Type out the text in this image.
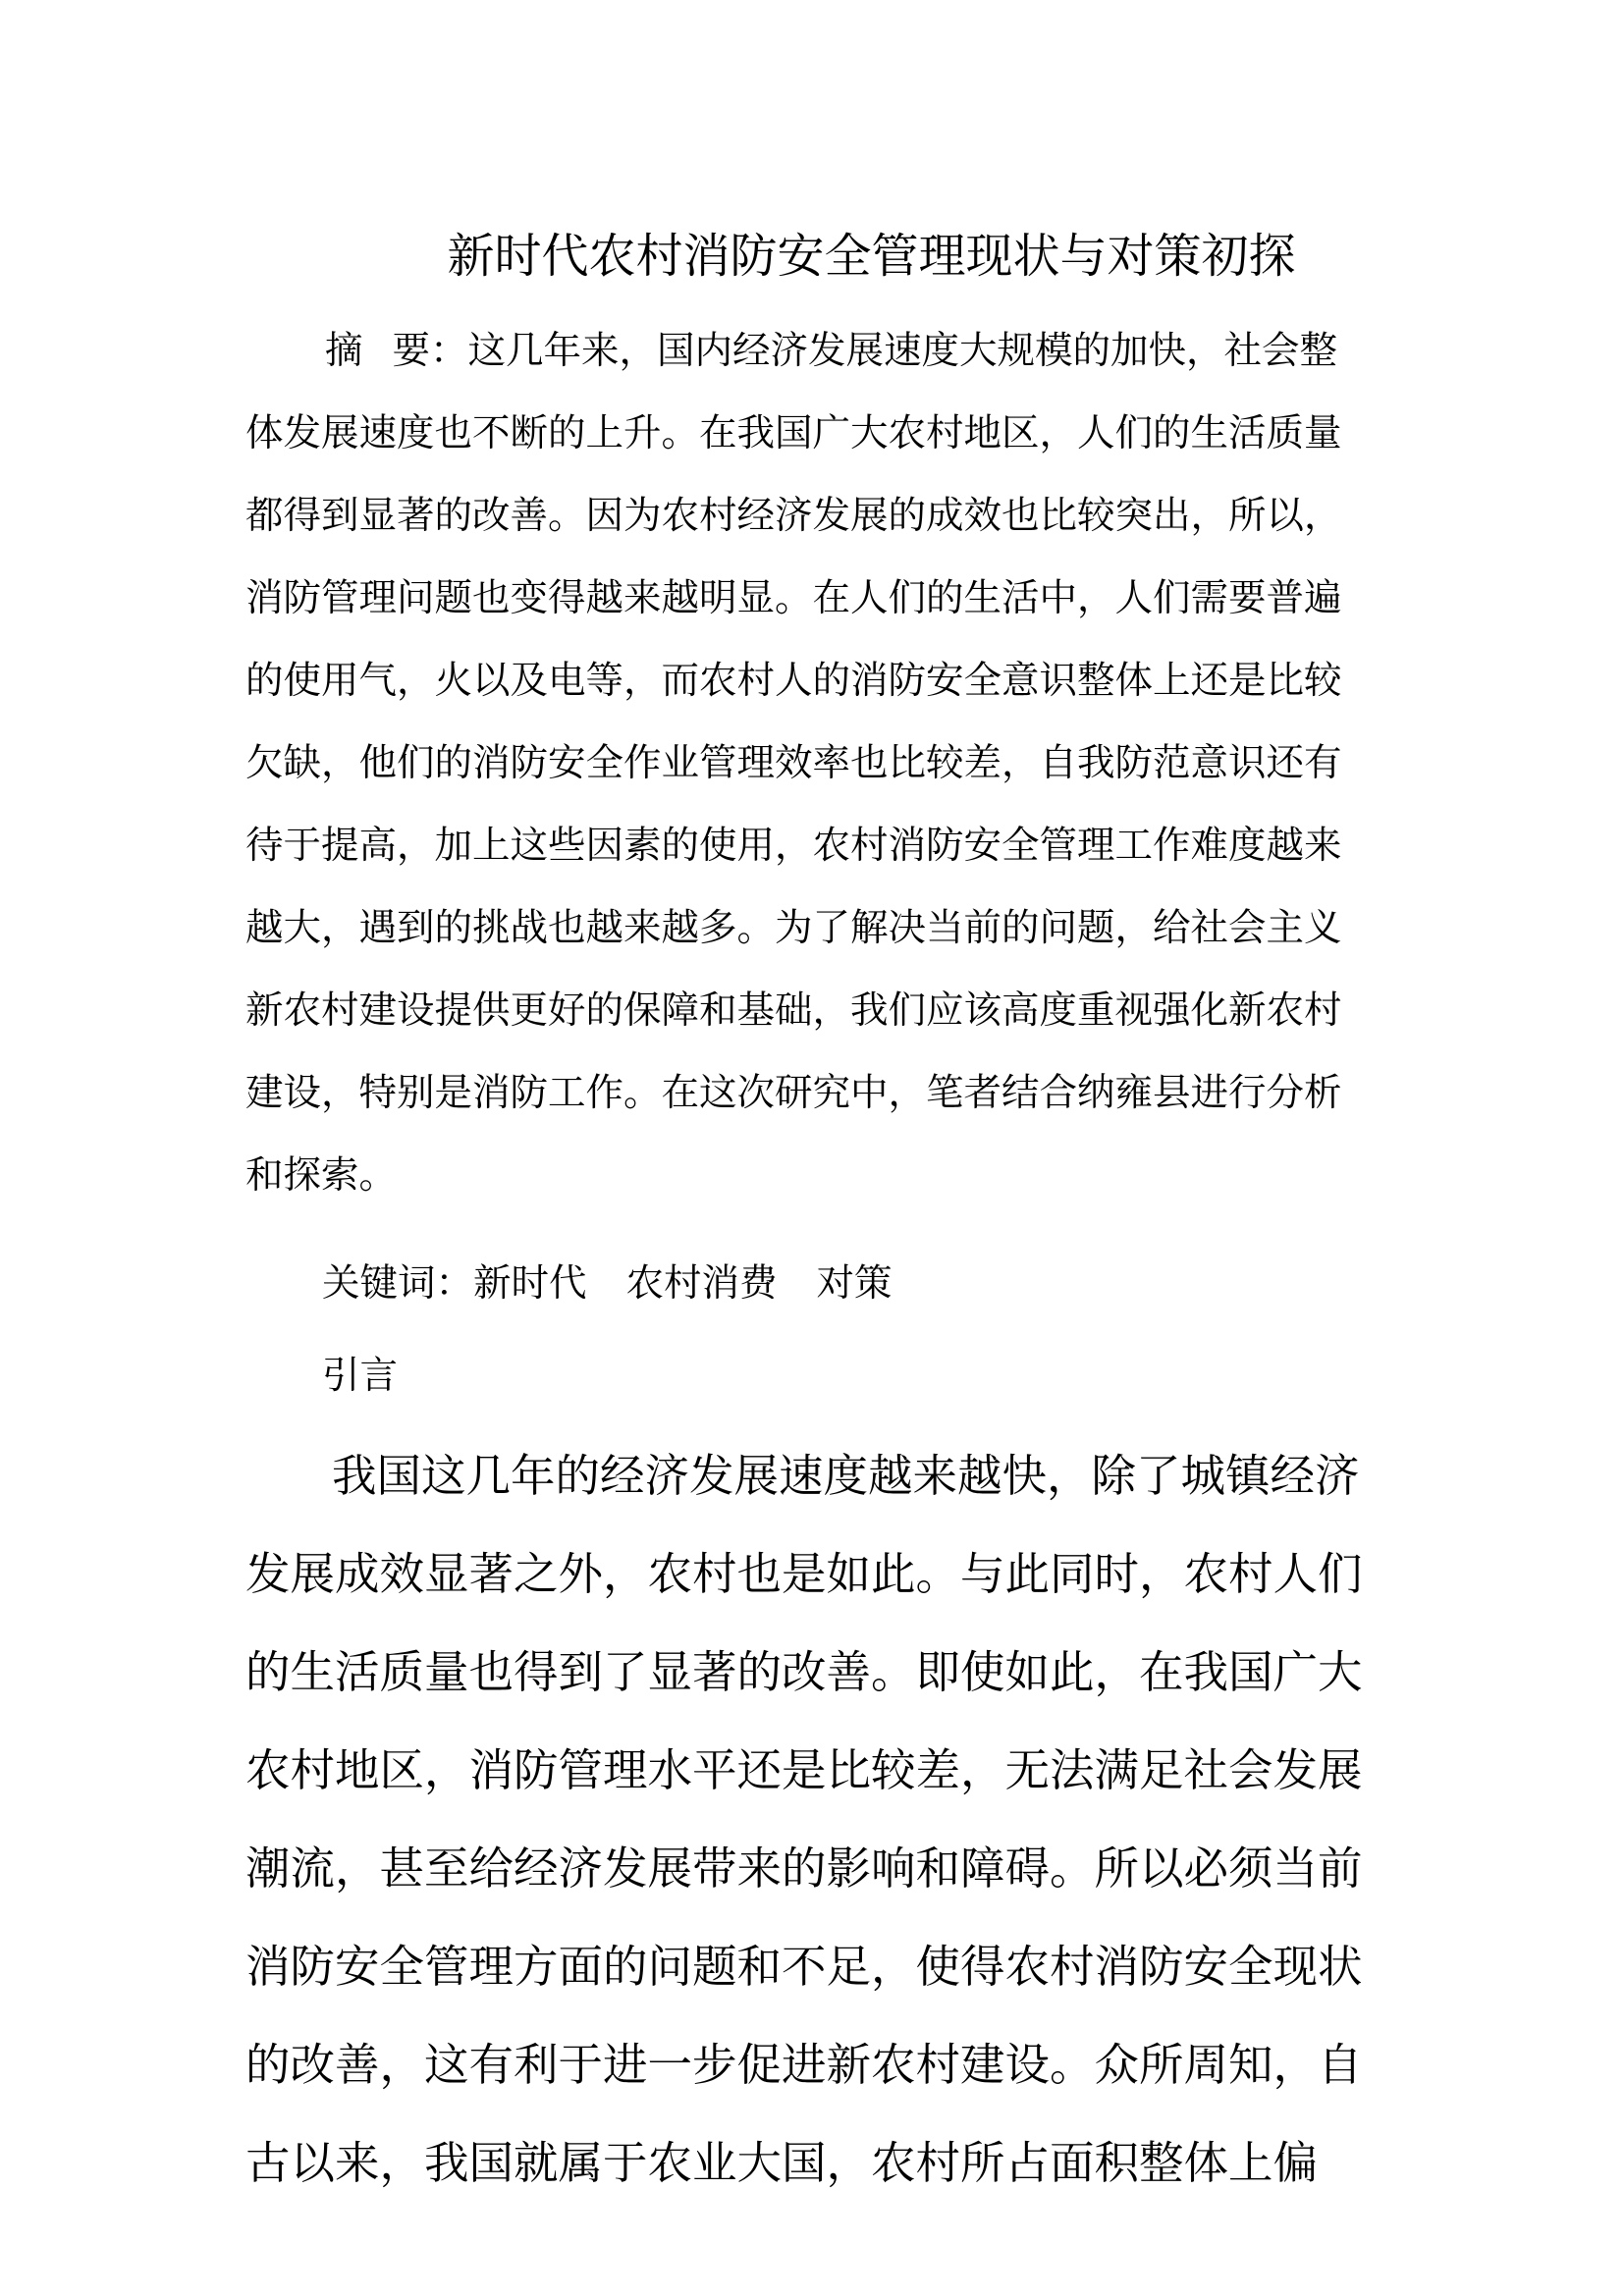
新时代农村消防安全管理现状与对策初探

摘 要：这几年来，国内经济发展速度大规模的加快，社会整

体发展速度也不断的上升。在我国广大农村地区，人们的生活质量

都得到显著的改善。因为农村经济发展的成效也比较突出，所以，

消防管理问题也变得越来越明显。在人们的生活中，人们需要普遍

的使用气，火以及电等，而农村人的消防安全意识整体上还是比较

欠缺，他们的消防安全作业管理效率也比较差，自我防范意识还有

待于提高，加上这些因素的使用，农村消防安全管理工作难度越来

越大，遇到的挑战也越来越多。为了解决当前的问题，给社会主义

新农村建设提供更好的保障和基础，我们应该高度重视强化新农村

建设，特别是消防工作。在这次研究中，笔者结合纳雍县进行分析

和探索。

关键词：新时代 农村消费 对策

引言

我国这几年的经济发展速度越来越快，除了城镇经济

发展成效显著之外，农村也是如此。与此同时，农村人们

的生活质量也得到了显著的改善。即使如此，在我国广大

农村地区，消防管理水平还是比较差，无法满足社会发展

潮流，甚至给经济发展带来的影响和障碍。所以必须当前

消防安全管理方面的问题和不足，使得农村消防安全现状

的改善，这有利于进一步促进新农村建设。众所周知，自

古以来，我国就属于农业大国，农村所占面积整体上偏
